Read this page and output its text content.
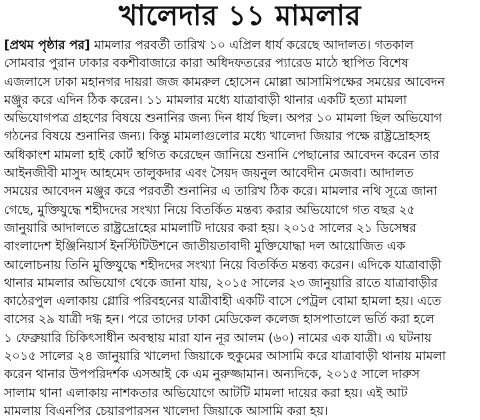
খালেদার ১১ মামলার
[প্রথম পৃষ্ঠার পর] মামলার পরবর্তী তারিখ ১০ এপ্রিল ধার্য করেছে আদালত। গতকাল
সোমবার পুরান ঢাকার বকশীবাজারে কারা অধিদফতরের প্যারেড মাঠে স্থাপিত বিশেষ
এজলাসে ঢাকা মহানগর দায়রা জজ কামরুল হোসেন মোল্লা আসামিপক্ষের সময়ের আবেদন
মঞ্জুর করে এদিন ঠিক করেন। ১১ মামলার মধ্যে যাত্রাবাড়ী থানার একটি হত্যা মামলা
অভিযোগপত্র গ্রহণের বিষয়ে শুনানির জন্য দিন ধার্য ছিল। অপর ১০ মামলা ছিল অভিযোগ
গঠনের বিষয়ে শুনানির জন্য। কিন্তু মামলাগুলোর মধ্যে খালেদা জিয়ার পক্ষে রাষ্ট্রদ্রোহসহ
অধিকাংশ মামলা হাই কোর্ট স্থগিত করেছেন জানিয়ে শুনানি পেছানোর আবেদন করেন তার
আইনজীবী মাসুদ আহমেদ তালুকদার এবং সৈয়দ জয়নুল আবেদীন মেজবা। আদালত
সময়ের আবেদন মঞ্জুর করে পরবর্তী শুনানির এ তারিখ ঠিক করে। মামলার নথি সূত্রে জানা
গেছে, মুক্তিযুদ্ধে শহীদদের সংখ্যা নিয়ে বিতর্কিত মন্তব্য করার অভিযোগে গত বছর ২৫
জানুয়ারি আদালতে রাষ্ট্রদ্রোহের মামলাটি দায়ের করা হয়। ২০১৫ সালের ২১ ডিসেম্বর
বাংলাদেশ ইঞ্জিনিয়ার্স ইনস্টিটিউশনে জাতীয়তাবাদী মুক্তিযোদ্ধা দল আয়োজিত এক
আলোচনায় তিনি মুক্তিযুদ্ধে শহীদদের সংখ্যা নিয়ে বিতর্কিত মন্তব্য করেন। এদিকে যাত্রাবাড়ী
থানার মামলার অভিযোগ থেকে জানা যায়, ২০১৫ সালের ২৩ জানুয়ারি রাতে যাত্রাবাড়ীর
কাঠেরপুল এলাকায় গ্লোরি পরিবহনের যাত্রীবাহী একটি বাসে পেট্রল বোমা হামলা হয়। এতে
বাসের ২৯ যাত্রী দগ্ধ হন। পরে তাদের ঢাকা মেডিকেল কলেজ হাসপাতালে ভর্তি করা হলে
১ ফেব্রুয়ারি চিকিৎসাধীন অবস্থায় মারা যান নূর আলম (৬০) নামের এক যাত্রী। এ ঘটনায়
২০১৫ সালের ২৪ জানুয়ারি খালেদা জিয়াকে হুকুমের আসামি করে যাত্রাবাড়ী থানায় মামলা
করেন থানার উপপরিদর্শক এসআই কে এম নুরুজ্জামান। অন্যদিকে, ২০১৫ সালে দারুস
সালাম থানা এলাকায় নাশকতার অভিযোগে আটটি মামলা দায়ের করা হয়। এই আট
মামলায় বিএনপির চেয়ারপারসন খালেদা জিয়াকে আসামি করা হয়।
